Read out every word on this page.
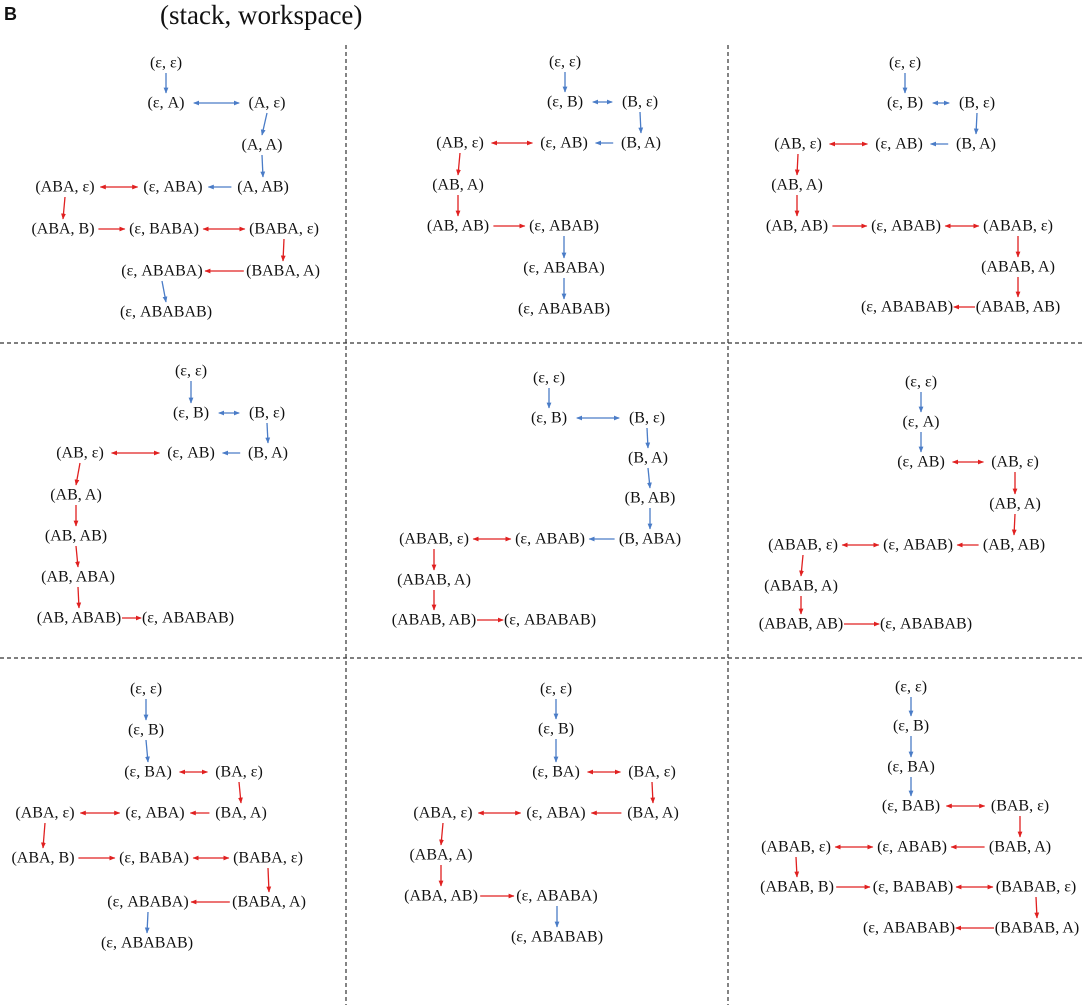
B	(stack, workspace)
(ε, ε)
(ε, A)	(A, ε)
(A, A)
(ε, ABA) (A, AB)
(ABA, ε)
(ABA, B) (ε, BABA)	(BABA, ε)
(ε, ABABA)	(BABA, A)
(ε, ABABAB)
(ε, ε)
(ε, B) (B, ε)
(AB, ε)	(ε, AB) (B, A)
(AB, A)
(AB, AB) (ε, ABAB)
(ε, ABABA)
(ε, ABABAB)
(ε, ε)
(ε, B) (B, ε)
(AB, ε)	(ε, AB) (B, A)
(AB, A)
(AB, AB)	(ε, ABAB)	(ABAB, ε)
(ABAB, A)
(ε, ABABAB) (ABAB, AB)
(ε, ε)
(ε, B) (B, ε)
(AB, ε)	(ε, AB) (B, A)
(AB, A)
(AB, AB)
(AB, ABA)
(AB, ABAB) (ε, ABABAB)
(ε, ε)
(ε, B)	(B, ε)
(B, A)
(B, AB)
(ABAB, ε)	(ε, ABAB) (B, ABA)
(ABAB, A)
(ABAB, AB) (ε, ABABAB)
(ε, ε)
(ε, A)
(ε, AB)	(AB, ε)
(AB, A)
(ABAB, ε)	(ε, ABAB) (AB, AB)
(ABAB, A)
(ABAB, AB) (ε, ABABAB)
(ε, ε)
(ε, B)
(ε, BA)	(BA, ε)
(ABA, ε)	(ε, ABA) (BA, A)
(ABA, B)	(ε, BABA)	(BABA, ε)
(ε, ABABA)	(BABA, A)
(ε, ABABAB)
(ε, ε)
(ε, B)
(ε, BA)	(BA, ε)
(ABA, ε)	(ε, ABA)	(BA, A)
(ABA, A)
(ABA, AB) (ε, ABABA)
(ε, ABABAB)
(ε, ε)
(ε, B)
(ε, BA)
(ε, BAB)	(BAB, ε)
(ABAB, ε)	(ε, ABAB)	(BAB, A)
(ABAB, B) (ε, BABAB)	(BABAB, ε)
(ε, ABABAB) (BABAB, A)
